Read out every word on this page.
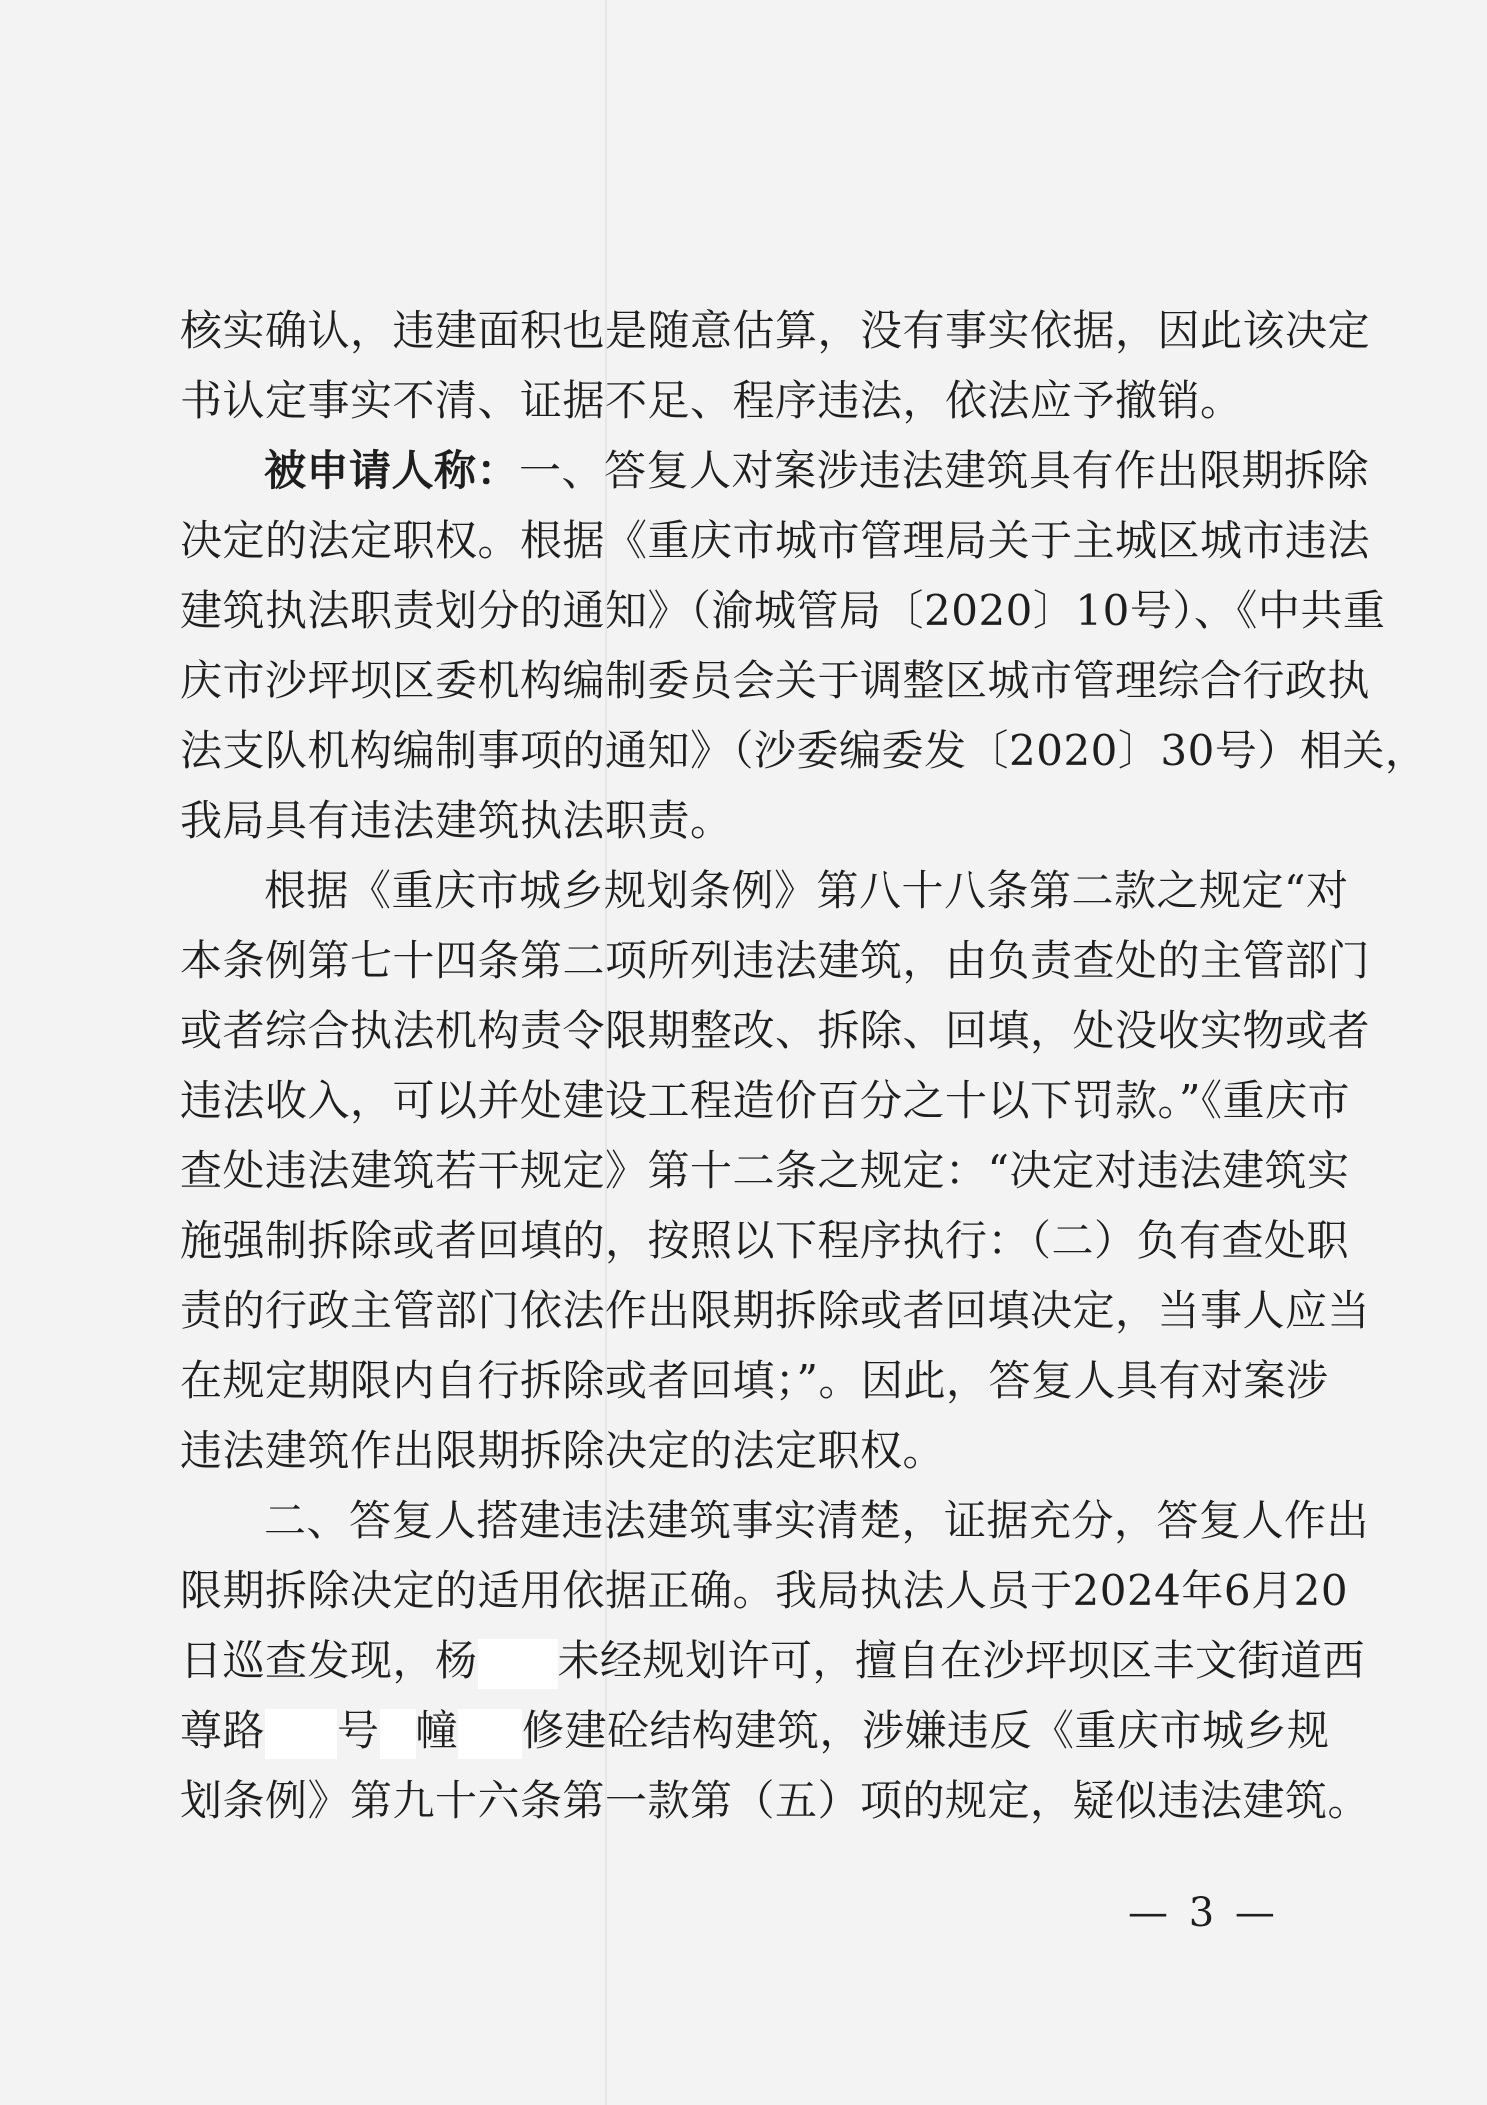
核实确认，违建面积也是随意估算，没有事实依据，因此该决定
书认定事实不清、证据不足、程序违法，依法应予撤销。
被申请人称：一、答复人对案涉违法建筑具有作出限期拆除
决定的法定职权。根据《重庆市城市管理局关于主城区城市违法
建筑执法职责划分的通知》（渝城管局〔2020〕10号）、《中共重
庆市沙坪坝区委机构编制委员会关于调整区城市管理综合行政执
法支队机构编制事项的通知》（沙委编委发〔2020〕30号）相关，
我局具有违法建筑执法职责。
根据《重庆市城乡规划条例》第八十八条第二款之规定“对
本条例第七十四条第二项所列违法建筑，由负责查处的主管部门
或者综合执法机构责令限期整改、拆除、回填，处没收实物或者
违法收入，可以并处建设工程造价百分之十以下罚款。”《重庆市
查处违法建筑若干规定》第十二条之规定：“决定对违法建筑实
施强制拆除或者回填的，按照以下程序执行：（二）负有查处职
责的行政主管部门依法作出限期拆除或者回填决定，当事人应当
在规定期限内自行拆除或者回填；”。因此，答复人具有对案涉
违法建筑作出限期拆除决定的法定职权。
二、答复人搭建违法建筑事实清楚，证据充分，答复人作出
限期拆除决定的适用依据正确。我局执法人员于2024年6月20
日巡查发现，杨 未经规划许可，擅自在沙坪坝区丰文街道西
尊路 号 幢 修建砼结构建筑，涉嫌违反《重庆市城乡规
划条例》第九十六条第一款第（五）项的规定，疑似违法建筑。
— 3 —
